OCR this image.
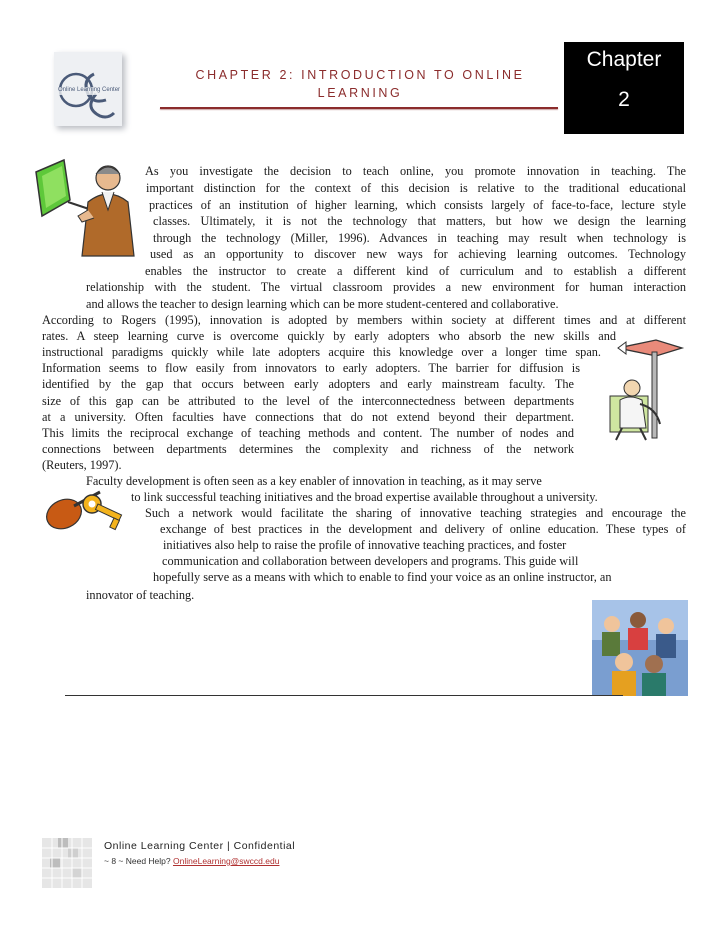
Online Learning Center
CHAPTER 2: INTRODUCTION TO ONLINE
LEARNING
Chapter
2
As you investigate the decision to teach online, you promote innovation in teaching. The
important distinction for the context of this decision is relative to the traditional educational
practices of an institution of higher learning, which consists largely of face-to-face, lecture style
classes. Ultimately, it is not the technology that matters, but how we design the learning
through the technology (Miller, 1996). Advances in teaching may result when technology is
used as an opportunity to discover new ways for achieving learning outcomes. Technology
enables the instructor to create a different kind of curriculum and to establish a different
relationship with the student. The virtual classroom provides a new environment for human interaction
and allows the teacher to design learning which can be more student-centered and collaborative.
According to Rogers (1995), innovation is adopted by members within society at different times and at different
rates. A steep learning curve is overcome quickly by early adopters who absorb the new skills and
instructional paradigms quickly while late adopters acquire this knowledge over a longer time span.
Information seems to flow easily from innovators to early adopters. The barrier for diffusion is
identified by the gap that occurs between early adopters and early mainstream faculty. The
size of this gap can be attributed to the level of the interconnectedness between departments
at a university. Often faculties have connections that do not extend beyond their department.
This limits the reciprocal exchange of teaching methods and content. The number of nodes and
connections between departments determines the complexity and richness of the network
(Reuters, 1997).
Faculty development is often seen as a key enabler of innovation in teaching, as it may serve
to link successful teaching initiatives and the broad expertise available throughout a university.
Such a network would facilitate the sharing of innovative teaching strategies and encourage the
exchange of best practices in the development and delivery of online education. These types of
initiatives also help to raise the profile of innovative teaching practices, and foster
communication and collaboration between developers and programs. This guide will
hopefully serve as a means with which to enable to find your voice as an online instructor, an
innovator of teaching.
Online Learning Center | Confidential
~ 8 ~ Need Help? OnlineLearning@swccd.edu
